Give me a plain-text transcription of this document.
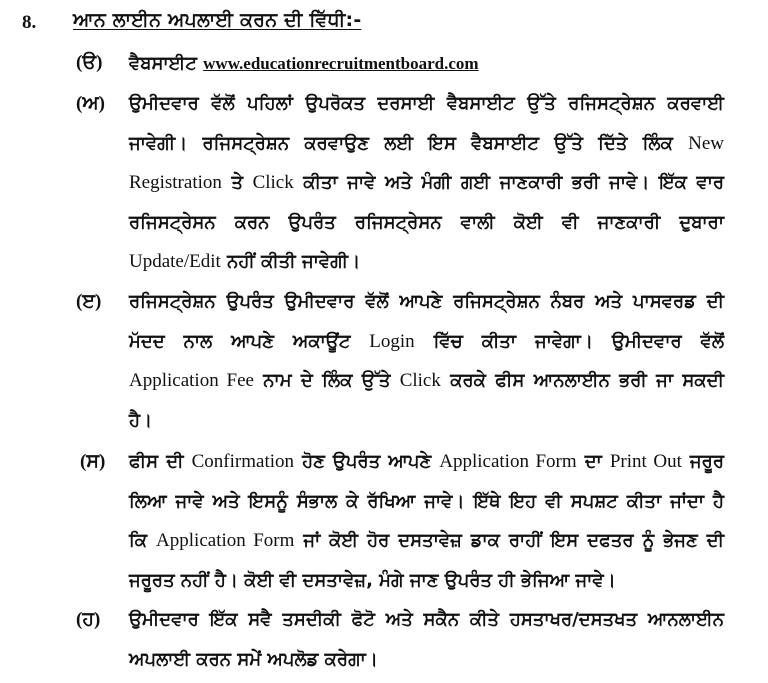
8. ਆਨ ਲਾਈਨ ਅਪਲਾਈ ਕਰਨ ਦੀ ਵਿੱਧੀ:-
(ੳ) ਵੈਬਸਾਈਟ www.educationrecruitmentboard.com
(ਅ) ਉਮੀਦਵਾਰ ਵੱਲੋਂ ਪਹਿਲਾਂ ਉਪਰੋਕਤ ਦਰਸਾਈ ਵੈਬਸਾਈਟ ਉੱਤੇ ਰਜਿਸਟ੍ਰੇਸ਼ਨ ਕਰਵਾਈ
ਜਾਵੇਗੀ। ਰਜਿਸਟ੍ਰੇਸ਼ਨ ਕਰਵਾਉਣ ਲਈ ਇਸ ਵੈਬਸਾਈਟ ਉੱਤੇ ਦਿੱਤੇ ਲਿੰਕ New
Registration ਤੇ Click ਕੀਤਾ ਜਾਵੇ ਅਤੇ ਮੰਗੀ ਗਈ ਜਾਣਕਾਰੀ ਭਰੀ ਜਾਵੇ। ਇੱਕ ਵਾਰ
ਰਜਿਸਟ੍ਰੇਸਨ ਕਰਨ ਉਪਰੰਤ ਰਜਿਸਟ੍ਰੇਸਨ ਵਾਲੀ ਕੋਈ ਵੀ ਜਾਣਕਾਰੀ ਦੁਬਾਰਾ
Update/Edit ਨਹੀਂ ਕੀਤੀ ਜਾਵੇਗੀ।
(ੲ) ਰਜਿਸਟ੍ਰੇਸ਼ਨ ਉਪਰੰਤ ਉਮੀਦਵਾਰ ਵੱਲੋਂ ਆਪਣੇ ਰਜਿਸਟ੍ਰੇਸ਼ਨ ਨੰਬਰ ਅਤੇ ਪਾਸਵਰਡ ਦੀ
ਮੱਦਦ ਨਾਲ ਆਪਣੇ ਅਕਾਊਂਟ Login ਵਿੱਚ ਕੀਤਾ ਜਾਵੇਗਾ। ਉਮੀਦਵਾਰ ਵੱਲੋਂ
Application Fee ਨਾਮ ਦੇ ਲਿੰਕ ਉੱਤੇ Click ਕਰਕੇ ਫੀਸ ਆਨਲਾਈਨ ਭਰੀ ਜਾ ਸਕਦੀ
ਹੈ।
(ਸ) ਫੀਸ ਦੀ Confirmation ਹੋਣ ਉਪਰੰਤ ਆਪਣੇ Application Form ਦਾ Print Out ਜਰੂਰ
ਲਿਆ ਜਾਵੇ ਅਤੇ ਇਸਨੂੰ ਸੰਭਾਲ ਕੇ ਰੱਖਿਆ ਜਾਵੇ। ਇੱਥੇ ਇਹ ਵੀ ਸਪਸ਼ਟ ਕੀਤਾ ਜਾਂਦਾ ਹੈ
ਕਿ Application Form ਜਾਂ ਕੋਈ ਹੋਰ ਦਸਤਾਵੇਜ਼ ਡਾਕ ਰਾਹੀਂ ਇਸ ਦਫਤਰ ਨੂੰ ਭੇਜਣ ਦੀ
ਜਰੂਰਤ ਨਹੀਂ ਹੈ। ਕੋਈ ਵੀ ਦਸਤਾਵੇਜ਼, ਮੰਗੇ ਜਾਣ ਉਪਰੰਤ ਹੀ ਭੇਜਿਆ ਜਾਵੇ।
(ਹ) ਉਮੀਦਵਾਰ ਇੱਕ ਸਵੈ ਤਸਦੀਕੀ ਫੋਟੋ ਅਤੇ ਸਕੈਨ ਕੀਤੇ ਹਸਤਾਖਰ/ਦਸਤਖਤ ਆਨਲਾਈਨ
ਅਪਲਾਈ ਕਰਨ ਸਮੇਂ ਅਪਲੋਡ ਕਰੇਗਾ।
